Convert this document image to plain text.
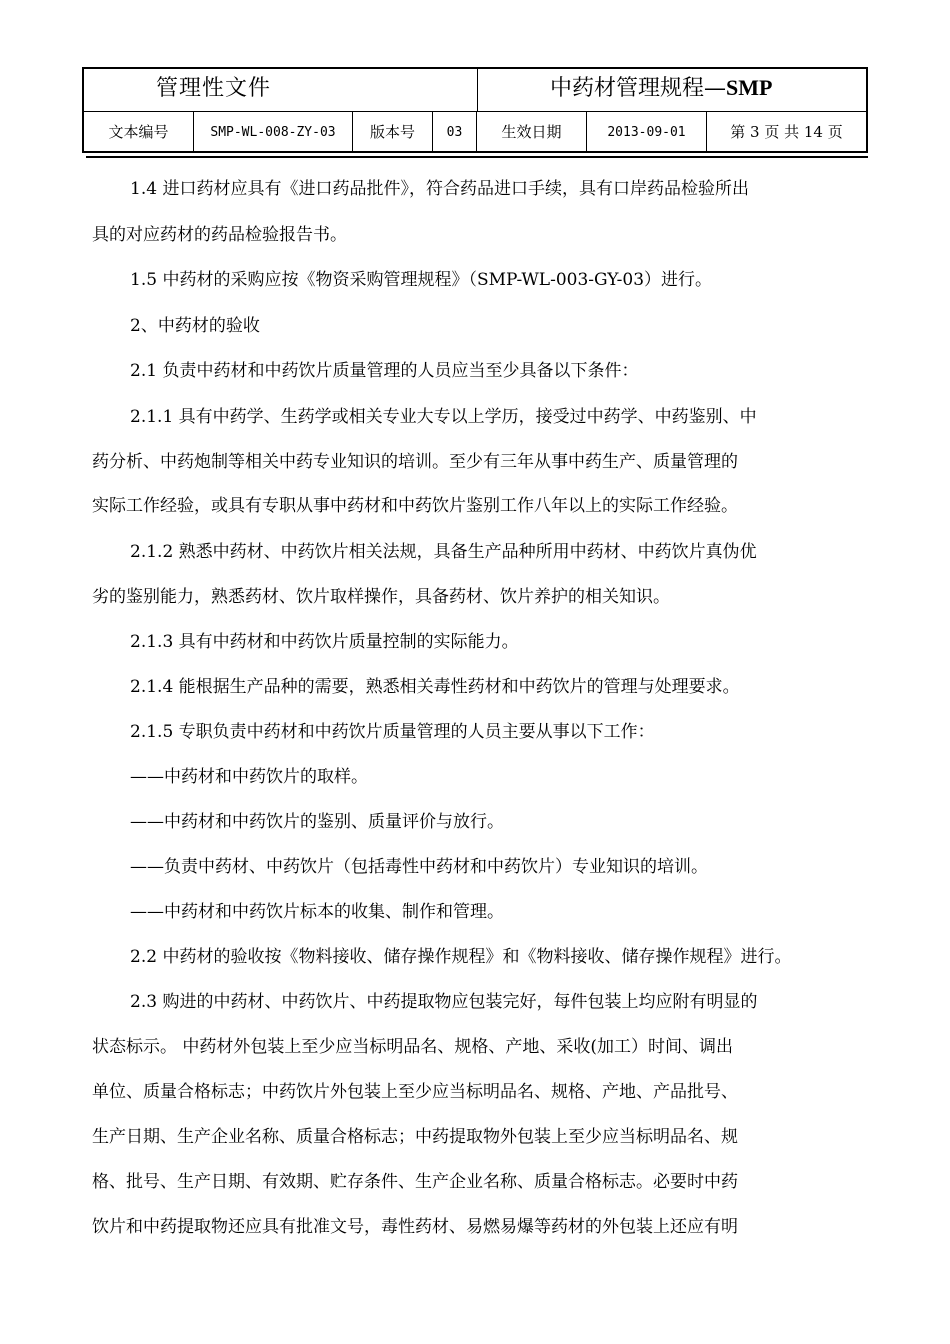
管理性文件	中药材管理规程—SMP
文本编号	SMP-WL-008-ZY-03	版本号	03	生效日期	2013-09-01	第 3 页 共 14 页
1.4 进口药材应具有《进口药品批件》，符合药品进口手续，具有口岸药品检验所出
具的对应药材的药品检验报告书。
1.5 中药材的采购应按《物资采购管理规程》（SMP-WL-003-GY-03）进行。
2、中药材的验收
2.1 负责中药材和中药饮片质量管理的人员应当至少具备以下条件：
2.1.1 具有中药学、生药学或相关专业大专以上学历，接受过中药学、中药鉴别、中
药分析、中药炮制等相关中药专业知识的培训。至少有三年从事中药生产、质量管理的
实际工作经验，或具有专职从事中药材和中药饮片鉴别工作八年以上的实际工作经验。
2.1.2 熟悉中药材、中药饮片相关法规，具备生产品种所用中药材、中药饮片真伪优
劣的鉴别能力，熟悉药材、饮片取样操作，具备药材、饮片养护的相关知识。
2.1.3 具有中药材和中药饮片质量控制的实际能力。
2.1.4 能根据生产品种的需要，熟悉相关毒性药材和中药饮片的管理与处理要求。
2.1.5 专职负责中药材和中药饮片质量管理的人员主要从事以下工作：
——中药材和中药饮片的取样。
——中药材和中药饮片的鉴别、质量评价与放行。
——负责中药材、中药饮片（包括毒性中药材和中药饮片）专业知识的培训。
——中药材和中药饮片标本的收集、制作和管理。
2.2 中药材的验收按《物料接收、储存操作规程》和《物料接收、储存操作规程》进行。
2.3 购进的中药材、中药饮片、中药提取物应包装完好，每件包装上均应附有明显的
状态标示。 中药材外包装上至少应当标明品名、规格、产地、采收(加工）时间、调出
单位、质量合格标志；中药饮片外包装上至少应当标明品名、规格、产地、产品批号、
生产日期、生产企业名称、质量合格标志；中药提取物外包装上至少应当标明品名、规
格、批号、生产日期、有效期、贮存条件、生产企业名称、质量合格标志。必要时中药
饮片和中药提取物还应具有批准文号，毒性药材、易燃易爆等药材的外包装上还应有明
